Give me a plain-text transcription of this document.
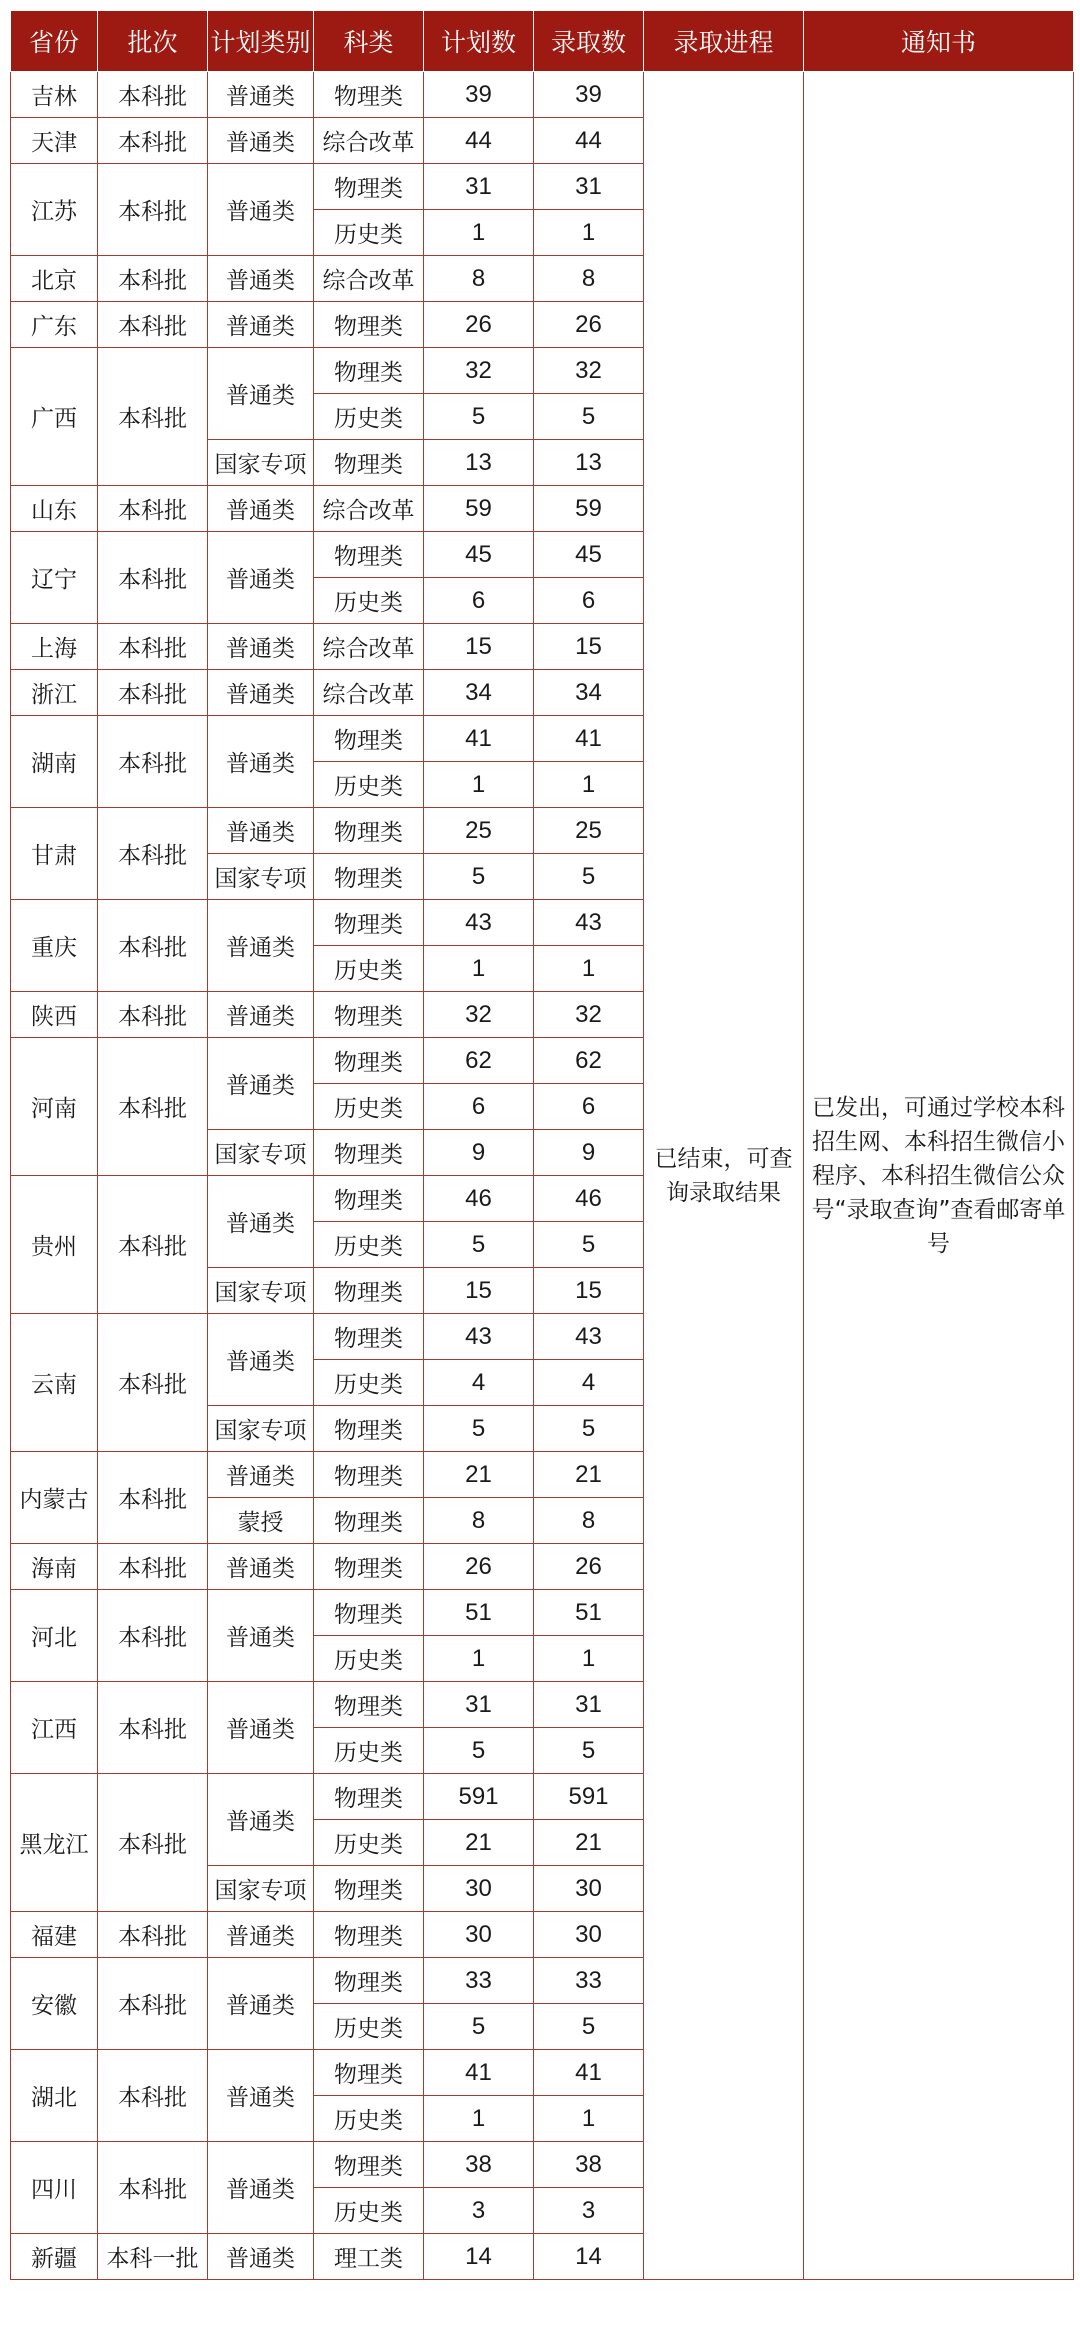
省份	批次	计划类别	科类	计划数	录取数	录取进程	通知书
吉林	本科批	普通类	物理类	39	39	已结束，可查询录取结果	已发出，可通过学校本科招生网、本科招生微信小程序、本科招生微信公众号“录取查询”查看邮寄单号
天津	本科批	普通类	综合改革	44	44		
江苏	本科批	普通类	物理类	31	31		
			历史类	1	1		
北京	本科批	普通类	综合改革	8	8		
广东	本科批	普通类	物理类	26	26		
广西	本科批	普通类	物理类	32	32		
			历史类	5	5		
		国家专项	物理类	13	13		
山东	本科批	普通类	综合改革	59	59		
辽宁	本科批	普通类	物理类	45	45		
			历史类	6	6		
上海	本科批	普通类	综合改革	15	15		
浙江	本科批	普通类	综合改革	34	34		
湖南	本科批	普通类	物理类	41	41		
			历史类	1	1		
甘肃	本科批	普通类	物理类	25	25		
		国家专项	物理类	5	5		
重庆	本科批	普通类	物理类	43	43		
			历史类	1	1		
陕西	本科批	普通类	物理类	32	32		
河南	本科批	普通类	物理类	62	62		
			历史类	6	6		
		国家专项	物理类	9	9		
贵州	本科批	普通类	物理类	46	46		
			历史类	5	5		
		国家专项	物理类	15	15		
云南	本科批	普通类	物理类	43	43		
			历史类	4	4		
		国家专项	物理类	5	5		
内蒙古	本科批	普通类	物理类	21	21		
		蒙授	物理类	8	8		
海南	本科批	普通类	物理类	26	26		
河北	本科批	普通类	物理类	51	51		
			历史类	1	1		
江西	本科批	普通类	物理类	31	31		
			历史类	5	5		
黑龙江	本科批	普通类	物理类	591	591		
			历史类	21	21		
		国家专项	物理类	30	30		
福建	本科批	普通类	物理类	30	30		
安徽	本科批	普通类	物理类	33	33		
			历史类	5	5		
湖北	本科批	普通类	物理类	41	41		
			历史类	1	1		
四川	本科批	普通类	物理类	38	38		
			历史类	3	3		
新疆	本科一批	普通类	理工类	14	14		
